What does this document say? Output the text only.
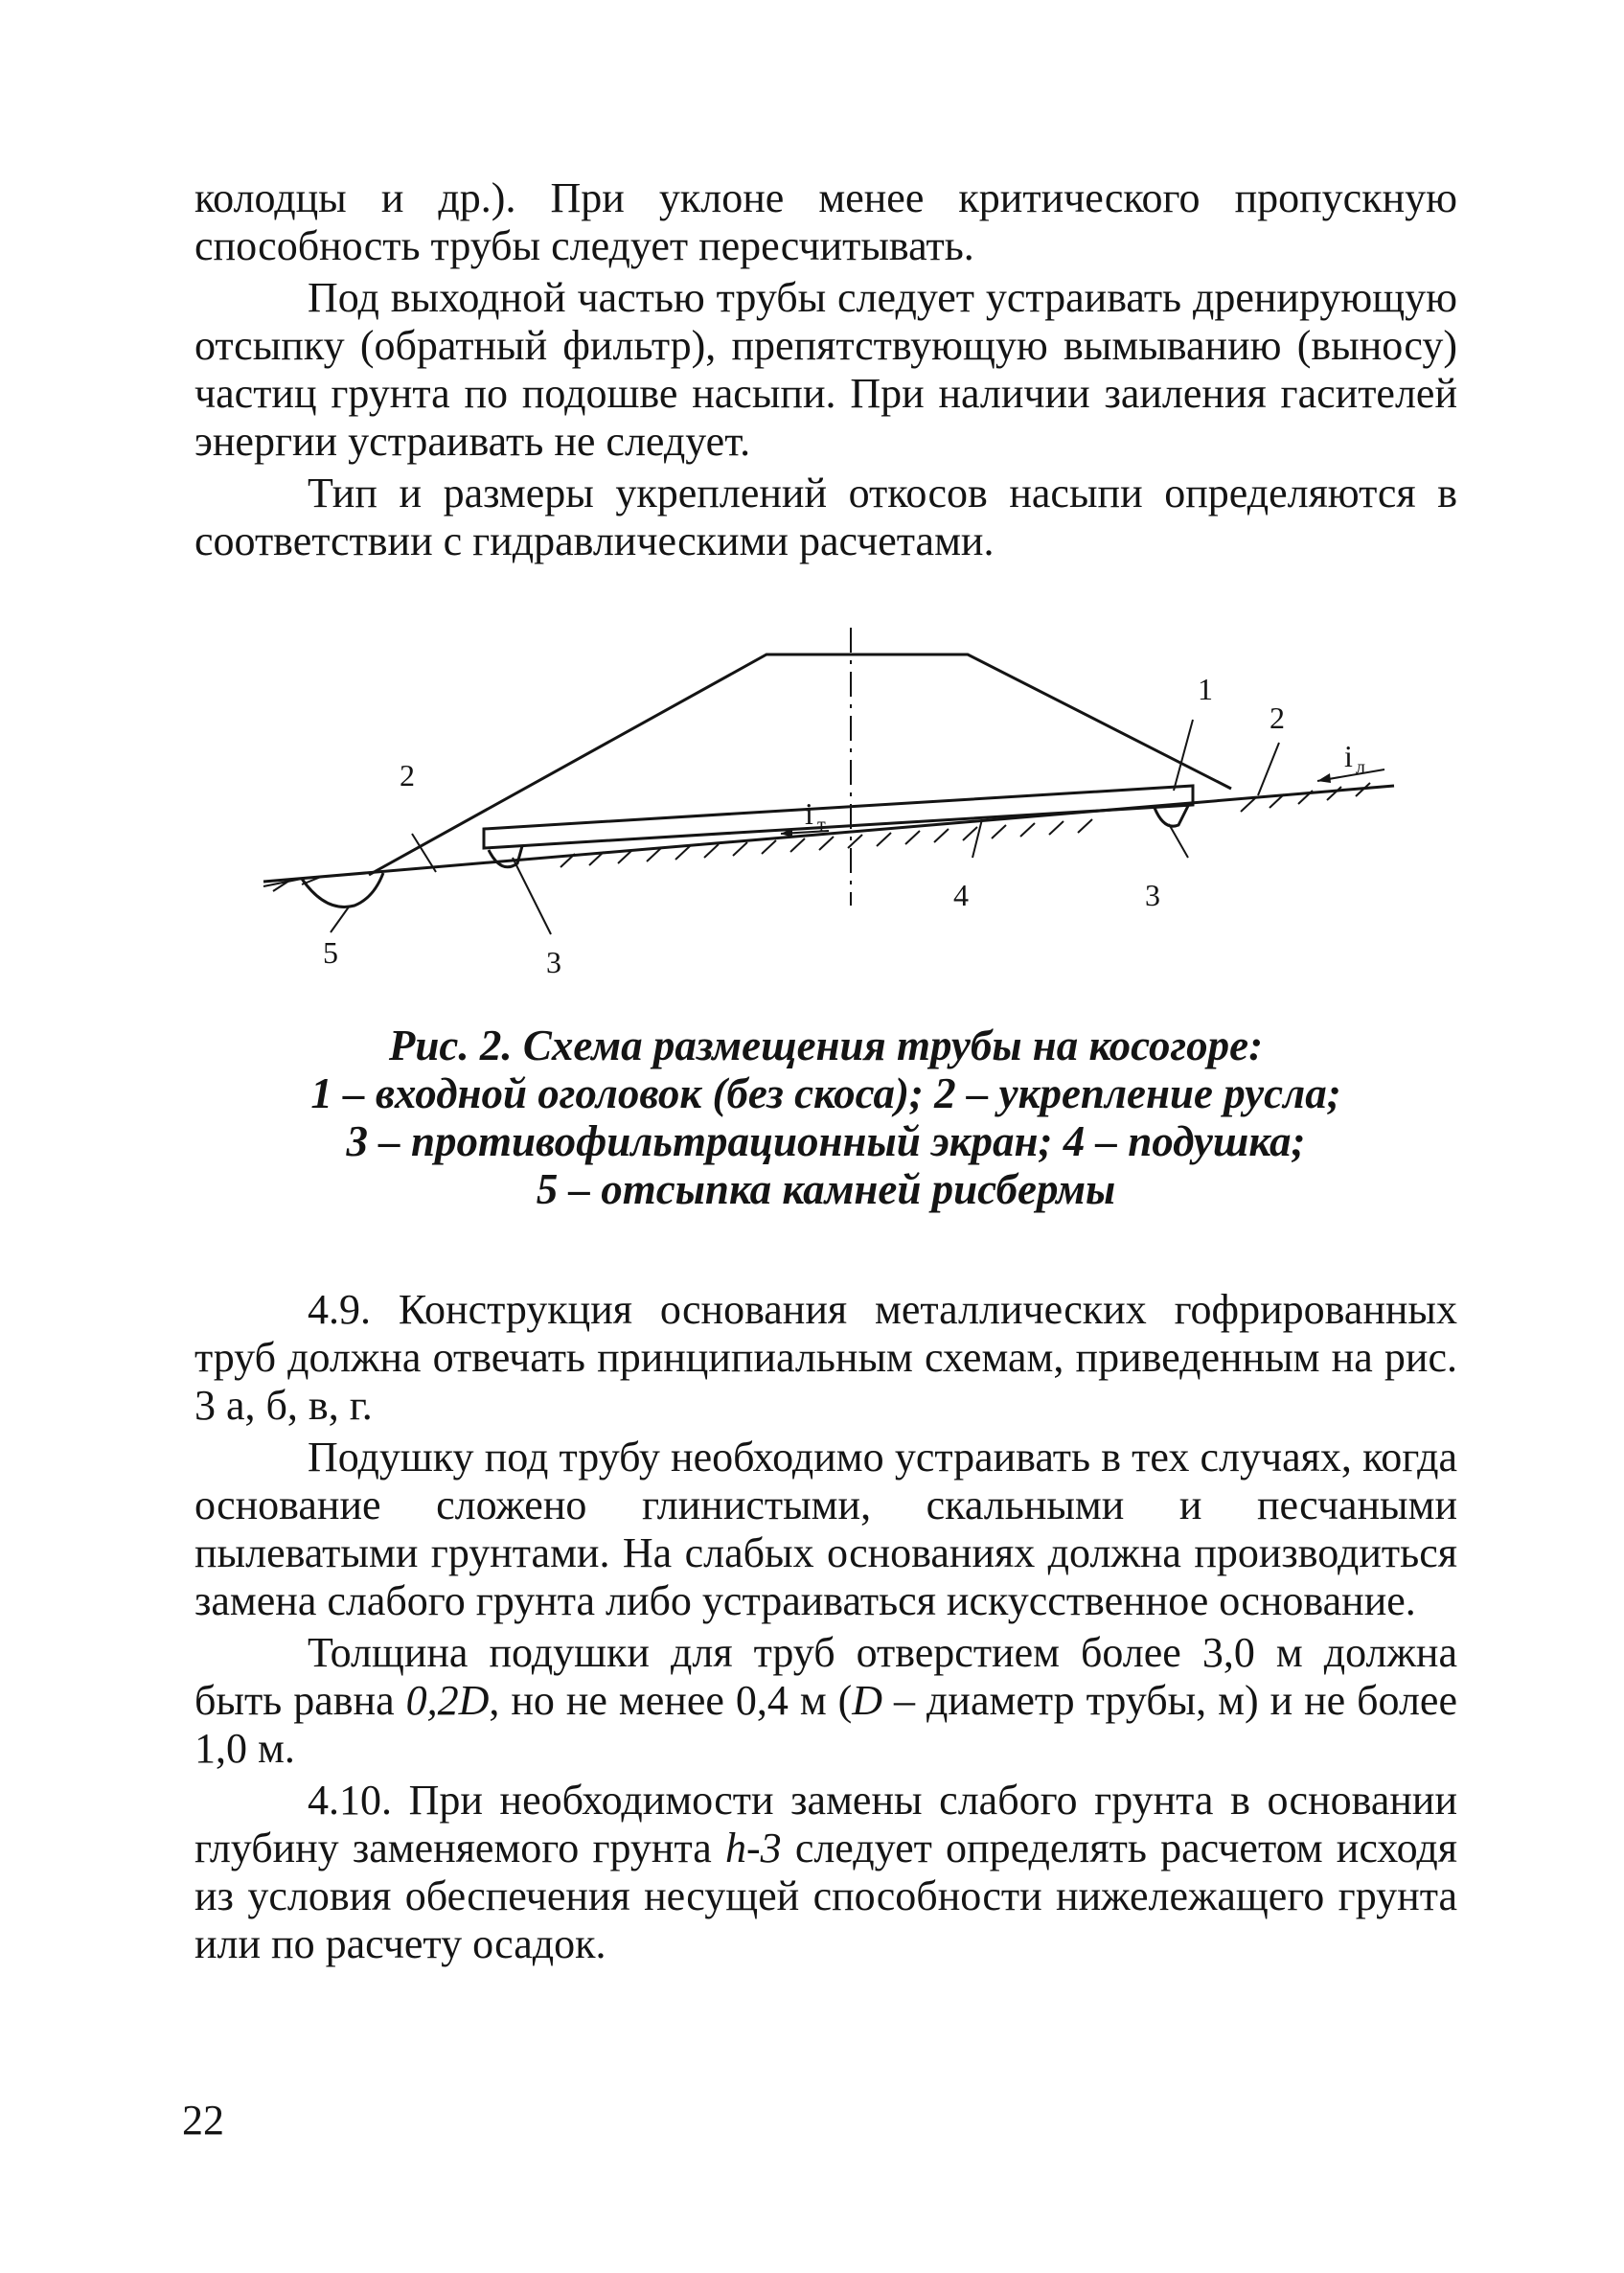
колодцы и др.). При уклоне менее критического пропускную способность трубы следует пересчитывать.

Под выходной частью трубы следует устраивать дренирующую отсыпку (обратный фильтр), препятствующую вымыванию (выносу) частиц грунта по подошве насыпи. При наличии заиления гасителей энергии устраивать не следует.

Тип и размеры укреплений откосов насыпи определяются в соответствии с гидравлическими расчетами.

i т
i л
2
5	3
1
2
4	3
Рис. 2. Схема размещения трубы на косогоре:
1 – входной оголовок (без скоса); 2 – укрепление русла;
3 – противофильтрационный экран; 4 – подушка;
5 – отсыпка камней рисбермы

4.9. Конструкция основания металлических гофрированных труб должна отвечать принципиальным схемам, приведенным на рис. 3 а, б, в, г.

Подушку под трубу необходимо устраивать в тех случаях, когда основание сложено глинистыми, скальными и песчаными пылеватыми грунтами. На слабых основаниях должна производиться замена слабого грунта либо устраиваться искусственное основание.

Толщина подушки для труб отверстием более 3,0 м должна быть равна 0,2D, но не менее 0,4 м (D – диаметр трубы, м) и не более 1,0 м.

4.10. При необходимости замены слабого грунта в основании глубину заменяемого грунта h-3 следует определять расчетом исходя из условия обеспечения несущей способности нижележащего грунта или по расчету осадок.

22
